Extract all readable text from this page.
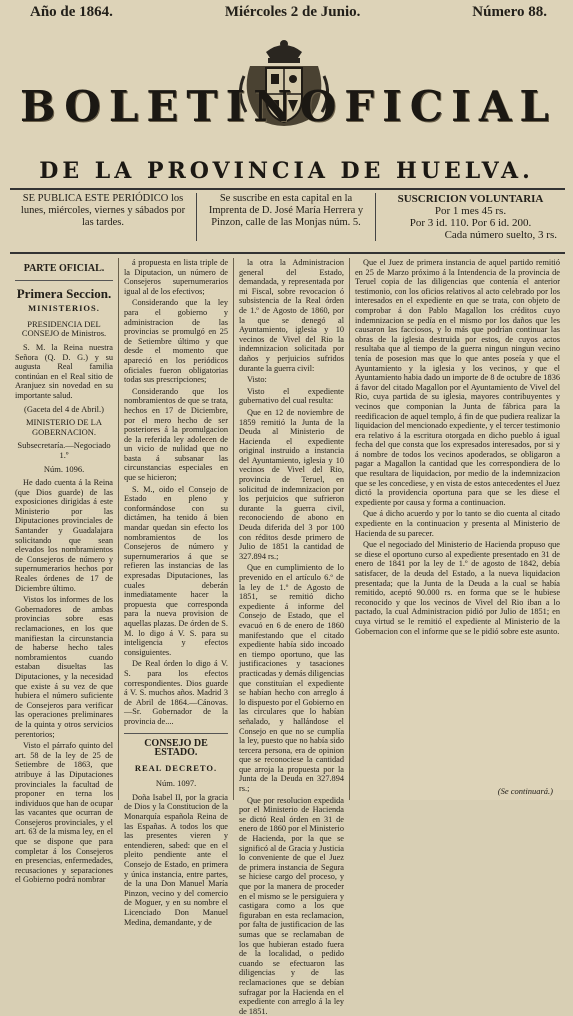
Año de 1864.	Miércoles 2 de Junio.	Número 88.
BOLETIN OFICIAL
DE LA PROVINCIA DE HUELVA.
SE PUBLICA ESTE PERIÓDICO los lunes, miércoles, viernes y sábados por las tardes.
Se suscribe en esta capital en la Imprenta de D. José María Herrera y Pinzon, calle de las Monjas núm. 5.
SUSCRICION VOLUNTARIA
Por 1 mes 45 rs.
Por 3 id. 110. Por 6 id. 200.
Cada número suelto, 3 rs.
PARTE OFICIAL.
Primera Seccion.
MINISTERIOS.
PRESIDENCIA DEL CONSEJO de Ministros.

S. M. la Reina nuestra Señora (Q. D. G.) y su augusta Real familia continúan en el Real sitio de Aranjuez sin novedad en su importante salud.

(Gaceta del 4 de Abril.)
MINISTERIO DE LA GOBERNACION.
Subsecretaría.—Negociado 1.º
Núm. 1096.

He dado cuenta á la Reina (que Dios guarde) de las exposiciones dirigidas á este Ministerio por las Diputaciones provinciales de Santander y Guadalajara solicitando que sean elevados los nombramientos de Consejeros de número y supernumerarios hechos por Reales órdenes de 17 de Diciembre último.

Vistos los informes de los Gobernadores de ambas provincias sobre esas reclamaciones, en los que manifiestan la circunstancia de haberse hecho tales nombramientos cuando estaban disueltas las Diputaciones, y la necesidad que existe á su vez de que hubiera el número suficiente de Consejeros para verificar las operaciones preliminares de la quinta y otros servicios perentorios;

Visto el párrafo quinto del art. 58 de la ley de 25 de Setiembre de 1863, que atribuye á las Diputaciones provinciales la facultad de proponer en terna los individuos que han de ocupar las vacantes que ocurran de Consejeros provinciales, y el art. 63 de la misma ley, en el que se dispone que para completar á los Consejeros en presencias, enfermedades, recusaciones y separaciones el Gobierno podrá nombrar

á propuesta en lista triple de la Diputacion, un número de Consejeros supernumerarios igual al de los efectivos;

Considerando que la ley para el gobierno y administracion de las provincias se promulgó en 25 de Setiembre último y que desde el momento que apareció en los periódicos oficiales fueron obligatorias todas sus prescripciones;

Considerando que los nombramientos de que se trata, hechos en 17 de Diciembre, por el mero hecho de ser posteriores á la promulgacion de la referida ley adolecen de un vicio de nulidad que no basta á subsanar las circunstancias especiales en que se hicieron;

S. M., oido el Consejo de Estado en pleno y conformándose con su dictámen, ha tenido á bien mandar quedan sin efecto los nombramientos de los Consejeros de número y supernumerarios á que se refieren las instancias de las expresadas Diputaciones, las cuales deberán inmediatamente hacer la propuesta que corresponda para la nueva provision de aquellas plazas. De órden de S. M. lo digo á V. S. para su inteligencia y efectos consiguientes.

De Real órden lo digo á V. S. para los efectos correspondientes. Dios guarde á V. S. muchos años. Madrid 3 de Abril de 1864.—Cánovas.—Sr. Gobernador de la provincia de....

CONSEJO DE ESTADO.
REAL DECRETO.
Núm. 1097.

Doña Isabel II, por la gracia de Dios y la Constitucion de la Monarquía española Reina de las Españas. A todos los que las presentes vieren y entendieren, sabed: que en el pleito pendiente ante el Consejo de Estado, en primera y única instancia, entre partes, de la una Don Manuel María Pinzon, vecino y del comercio de Moguer, y en su nombre el Licenciado Don Manuel Medina, demandante, y de

la otra la Administracion general del Estado, demandada, y representada por mi Fiscal, sobre revocacion ó subsistencia de la Real órden de 1.º de Agosto de 1860, por la que se denegó al Ayuntamiento, iglesia y 10 vecinos de Vivel del Rio la indemnizacion solicitada por daños y perjuicios sufridos durante la guerra civil:

Visto:

Visto el expediente gubernativo del cual resulta:

Que en 12 de noviembre de 1859 remitió la Junta de la Deuda al Ministerio de Hacienda el expediente original instruido a instancia del Ayuntamiento, iglesia y 10 vecinos de Vivel del Rio, provincia de Teruel, en solicitud de indemnizacion por los perjuicios que sufrieron durante la guerra civil, reconociendo de abono en Deuda diferida del 3 por 100 con réditos desde primero de Julio de 1851 la cantidad de 327.894 rs.;

Que en cumplimiento de lo prevenido en el artículo 6.º de la ley de 1.º de Agosto de 1851, se remitió dicho expediente á informe del Consejo de Estado, que el evacuó en 6 de enero de 1860 manifestando que el citado expediente había sido incoado en tiempo oportuno, que las justificaciones y tasaciones practicadas y demás diligencias que constituían el expediente se habían hecho con arreglo á lo dispuesto por el Gobierno en las circulares que lo habían señalado, y hallándose el Consejo en que no se cumplía la ley, puesto que no había sido tercera persona, era de opinion que se reconociese la cantidad que arroja la propuesta por la Junta de la Deuda en 327.894 rs.;

Que por resolucion expedida por el Ministerio de Hacienda se dictó Real órden en 31 de enero de 1860 por el Ministerio de Hacienda, por la que se significó al de Gracia y Justicia lo conveniente de que el Juez de primera instancia de Segura se hiciese cargo del proceso, y que por la manera de proceder en el mismo se le persiguiera y castigara como a los que figuraban en esta reclamacion, por falta de justificacion de las sumas que se reclamaban de los que hubieran estado fuera de la localidad, o pedido cuando se efectuaron las diligencias y de las reclamaciones que se debían sufragar por la Hacienda en el expediente con arreglo á la ley de 1851.

Que el Juez de primera instancia de aquel partido remitió en 25 de Marzo próximo á la Intendencia de la provincia de Teruel copia de las diligencias que contenía el anterior testimonio, con los oficios relativos al acto celebrado por los interesados en el expediente en que se trata, con objeto de comprobar á don Pablo Magallon los créditos cuyo indemnizacion se pedía en el mismo por los daños que les causaron las facciosos, y lo más que podrían continuar las obras de la iglesia destruida por estos, de cuyos actos resultaba que al tiempo de la guerra ningun ningun vecino tenía de posesion mas que lo que antes poseía y que el Ayuntamiento y la iglesia y los vecinos, y que el Ayuntamiento habia dado un importe de 8 de octubre de 1836 á favor del citado Magallon por el Ayuntamiento de Vivel del Rio, cuya partida de su iglesia, mayores contribuyentes y vecinos que componian la Junta de fábrica para la reedificacion de aquel templo, á fin de que pudiera realizar la liquidacion del mencionado expediente, y el tercer testimonio era relativo á la escritura otorgada en dicho pueblo á igual fecha del que consta que los expresados interesados, por si y á nombre de todos los vecinos apoderados, se obligaron a pagar a Magallon la cantidad que les correspondiera de lo que resultara de liquidacion, por medio de la indemnizacion que se les concediese, y en vista de estos antecedentes el Juez dictó la providencia oportuna para que se les diese el expediente por causa y forma a continuacion.

Que á dicho acuerdo y por lo tanto se dio cuenta al citado expediente en la continuacion y presenta al Ministerio de Hacienda de su parecer.

Que el negociado del Ministerio de Hacienda propuso que se diese el oportuno curso al expediente presentado en 31 de enero de 1841 por la ley de 1.º de agosto de 1842, debía satisfacer, de la deuda del Estado, a la nueva liquidacion presentada; que la Junta de la Deuda a la cual se había remitido, aceptó 90.000 rs. en forma que se le hubiese reconocido y que los vecinos de Vivel del Rio iban a lo pactado, la cual Administracion pidió por Julio de 1851; en cuya virtud se le remitió el expediente al Ministerio de la Gobernacion con el informe que se le pidió sobre este asunto.

(Se continuará.)
